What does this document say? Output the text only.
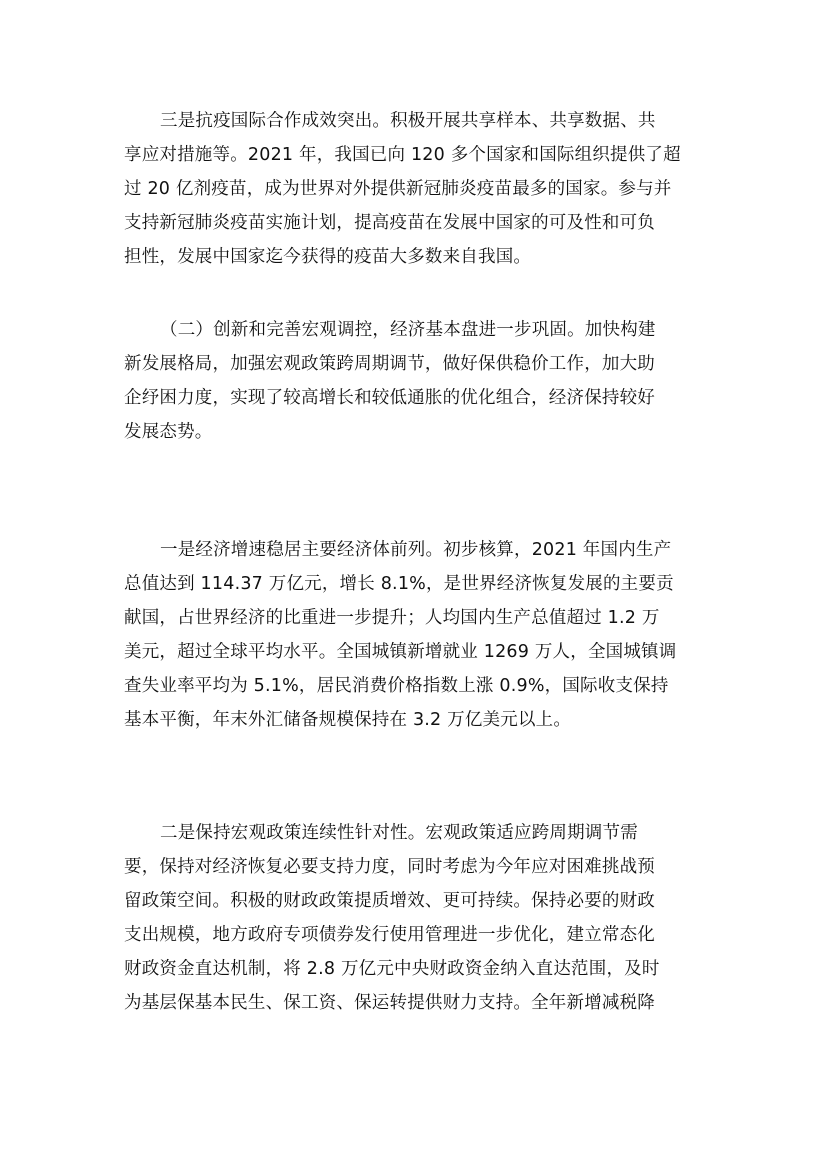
三是抗疫国际合作成效突出。积极开展共享样本、共享数据、共
享应对措施等。2021 年，我国已向 120 多个国家和国际组织提供了超
过 20 亿剂疫苗，成为世界对外提供新冠肺炎疫苗最多的国家。参与并
支持新冠肺炎疫苗实施计划，提高疫苗在发展中国家的可及性和可负
担性，发展中国家迄今获得的疫苗大多数来自我国。
（二）创新和完善宏观调控，经济基本盘进一步巩固。加快构建
新发展格局，加强宏观政策跨周期调节，做好保供稳价工作，加大助
企纾困力度，实现了较高增长和较低通胀的优化组合，经济保持较好
发展态势。
一是经济增速稳居主要经济体前列。初步核算，2021 年国内生产
总值达到 114.37 万亿元，增长 8.1%，是世界经济恢复发展的主要贡
献国，占世界经济的比重进一步提升；人均国内生产总值超过 1.2 万
美元，超过全球平均水平。全国城镇新增就业 1269 万人，全国城镇调
查失业率平均为 5.1%，居民消费价格指数上涨 0.9%，国际收支保持
基本平衡，年末外汇储备规模保持在 3.2 万亿美元以上。
二是保持宏观政策连续性针对性。宏观政策适应跨周期调节需
要，保持对经济恢复必要支持力度，同时考虑为今年应对困难挑战预
留政策空间。积极的财政政策提质增效、更可持续。保持必要的财政
支出规模，地方政府专项债券发行使用管理进一步优化，建立常态化
财政资金直达机制，将 2.8 万亿元中央财政资金纳入直达范围，及时
为基层保基本民生、保工资、保运转提供财力支持。全年新增减税降
